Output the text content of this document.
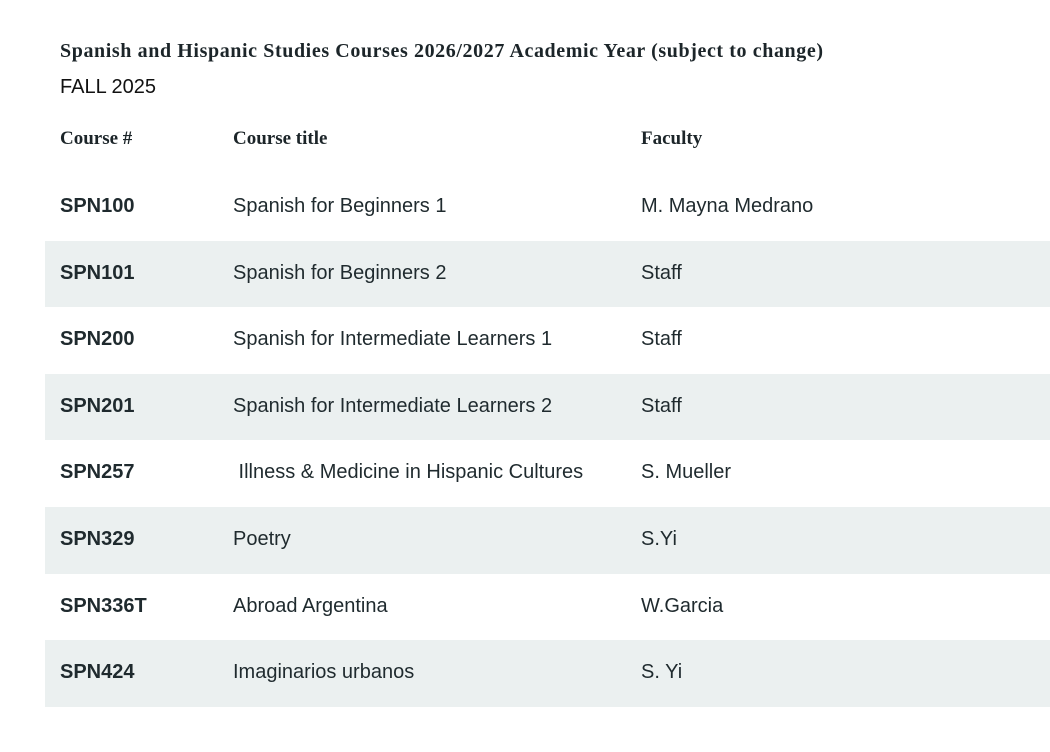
Spanish and Hispanic Studies Courses 2026/2027 Academic Year (subject to change)
FALL 2025
Course #	Course title	Faculty
SPN100	Spanish for Beginners 1	M. Mayna Medrano
SPN101	Spanish for Beginners 2	Staff
SPN200	Spanish for Intermediate Learners 1	Staff
SPN201	Spanish for Intermediate Learners 2	Staff
SPN257	Illness & Medicine in Hispanic Cultures	S. Mueller
SPN329	Poetry	S.Yi
SPN336T	Abroad Argentina	W.Garcia
SPN424	Imaginarios urbanos	S. Yi
